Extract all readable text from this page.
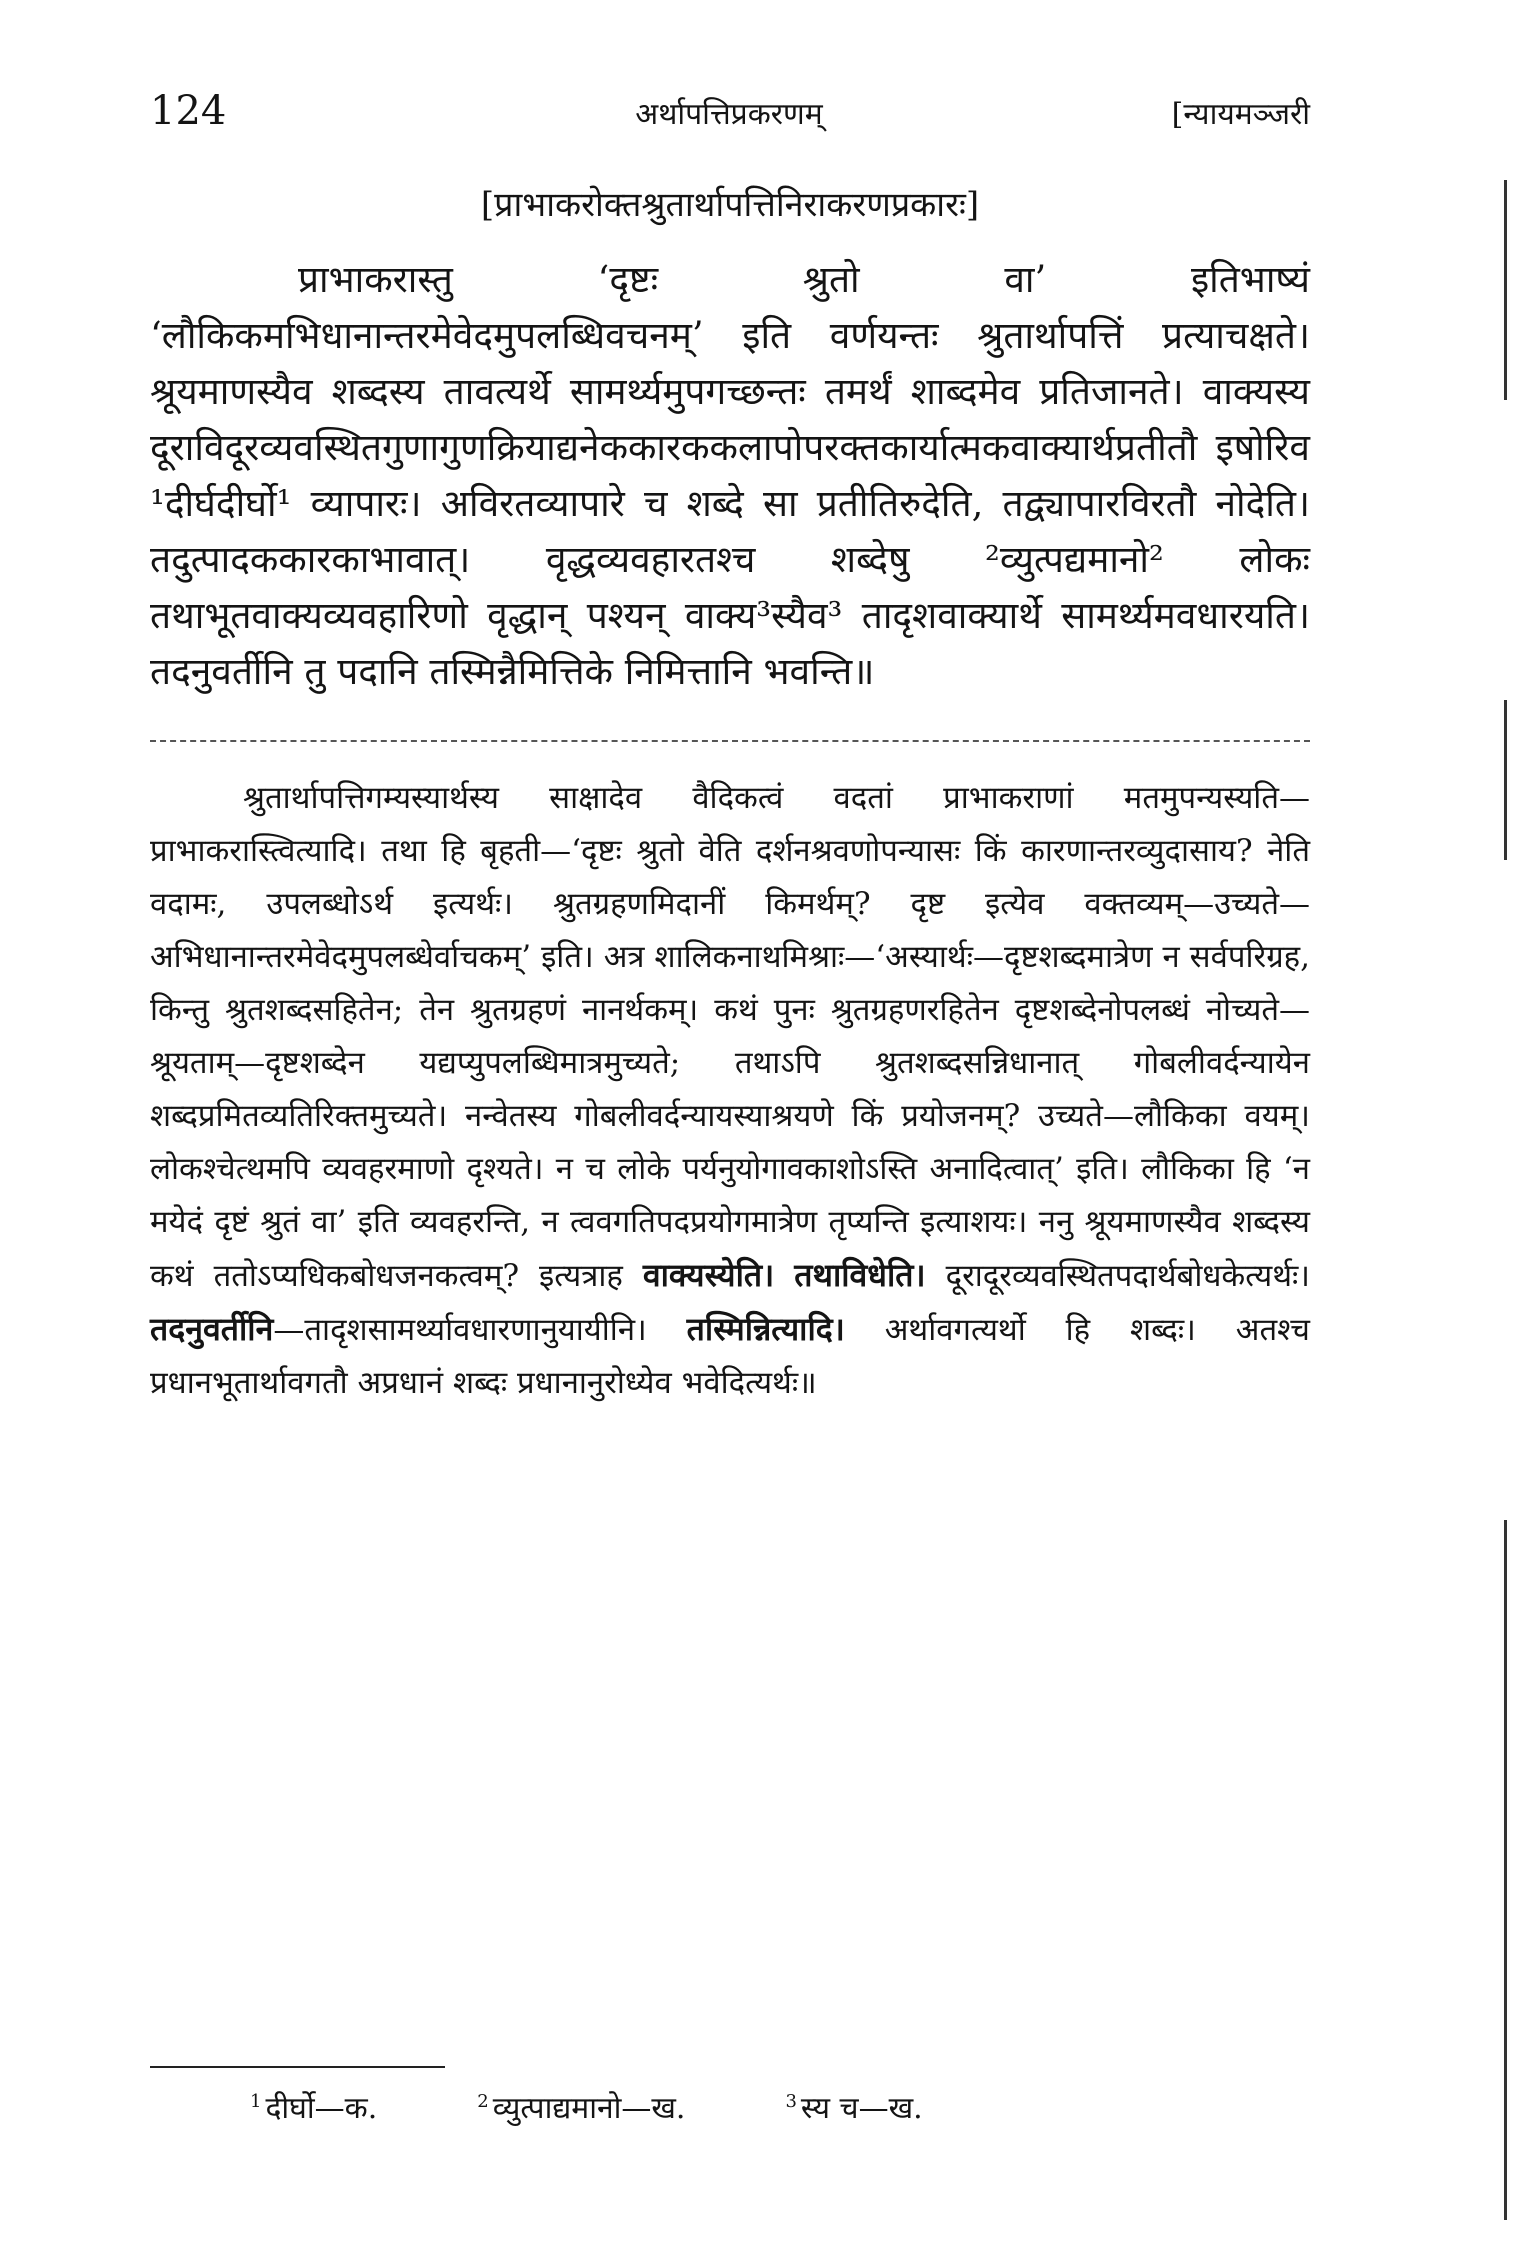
124	अर्थापत्तिप्रकरणम्	[न्यायमञ्जरी
[प्राभाकरोक्तश्रुतार्थापत्तिनिराकरणप्रकारः]

प्राभाकरास्तु ‘दृष्टः श्रुतो वा’ इतिभाष्यं ‘लौकिकमभिधानान्तरमेवेदमुपलब्धिवचनम्’ इति वर्णयन्तः श्रुतार्थापत्तिं प्रत्याचक्षते। श्रूयमाणस्यैव शब्दस्य तावत्यर्थे सामर्थ्यमुपगच्छन्तः तमर्थं शाब्दमेव प्रतिजानते। वाक्यस्य दूराविदूरव्यवस्थितगुणागुणक्रियाद्यनेककारककलापोपरक्तकार्यात्मकवाक्यार्थप्रतीतौ इषोरिव ¹दीर्घदीर्घो¹ व्यापारः। अविरतव्यापारे च शब्दे सा प्रतीतिरुदेति, तद्व्यापारविरतौ नोदेति। तदुत्पादककारकाभावात्। वृद्धव्यवहारतश्च शब्देषु ²व्युत्पद्यमानो² लोकः तथाभूतवाक्यव्यवहारिणो वृद्धान् पश्यन् वाक्य³स्यैव³ तादृशवाक्यार्थे सामर्थ्यमवधारयति। तदनुवर्तीनि तु पदानि तस्मिन्नैमित्तिके निमित्तानि भवन्ति॥

श्रुतार्थापत्तिगम्यस्यार्थस्य साक्षादेव वैदिकत्वं वदतां प्राभाकराणां मतमुपन्यस्यति—प्राभाकरास्त्वित्यादि। तथा हि बृहती—‘दृष्टः श्रुतो वेति दर्शनश्रवणोपन्यासः किं कारणान्तरव्युदासाय? नेति वदामः, उपलब्धोऽर्थ इत्यर्थः। श्रुतग्रहणमिदानीं किमर्थम्? दृष्ट इत्येव वक्तव्यम्—उच्यते—अभिधानान्तरमेवेदमुपलब्धेर्वाचकम्’ इति। अत्र शालिकनाथमिश्राः—‘अस्यार्थः—दृष्टशब्दमात्रेण न सर्वपरिग्रह, किन्तु श्रुतशब्दसहितेन; तेन श्रुतग्रहणं नानर्थकम्। कथं पुनः श्रुतग्रहणरहितेन दृष्टशब्देनोपलब्धं नोच्यते—श्रूयताम्—दृष्टशब्देन यद्यप्युपलब्धिमात्रमुच्यते; तथाऽपि श्रुतशब्दसन्निधानात् गोबलीवर्दन्यायेन शब्दप्रमितव्यतिरिक्तमुच्यते। नन्वेतस्य गोबलीवर्दन्यायस्याश्रयणे किं प्रयोजनम्? उच्यते—लौकिका वयम्। लोकश्चेत्थमपि व्यवहरमाणो दृश्यते। न च लोके पर्यनुयोगावकाशोऽस्ति अनादित्वात्’ इति। लौकिका हि ‘न मयेदं दृष्टं श्रुतं वा’ इति व्यवहरन्ति, न त्ववगतिपदप्रयोगमात्रेण तृप्यन्ति इत्याशयः। ननु श्रूयमाणस्यैव शब्दस्य कथं ततोऽप्यधिकबोधजनकत्वम्? इत्यत्राह वाक्यस्येति। तथाविधेति। दूरादूरव्यवस्थितपदार्थबोधकेत्यर्थः। तदनुवर्तीनि—तादृशसामर्थ्यावधारणानुयायीनि। तस्मिन्नित्यादि। अर्थावगत्यर्थो हि शब्दः। अतश्च प्रधानभूतार्थावगतौ अप्रधानं शब्दः प्रधानानुरोध्येव भवेदित्यर्थः॥

$^1$ दीर्घो—क.	$^2$ व्युत्पाद्यमानो—ख.	$^3$ स्य च—ख.
